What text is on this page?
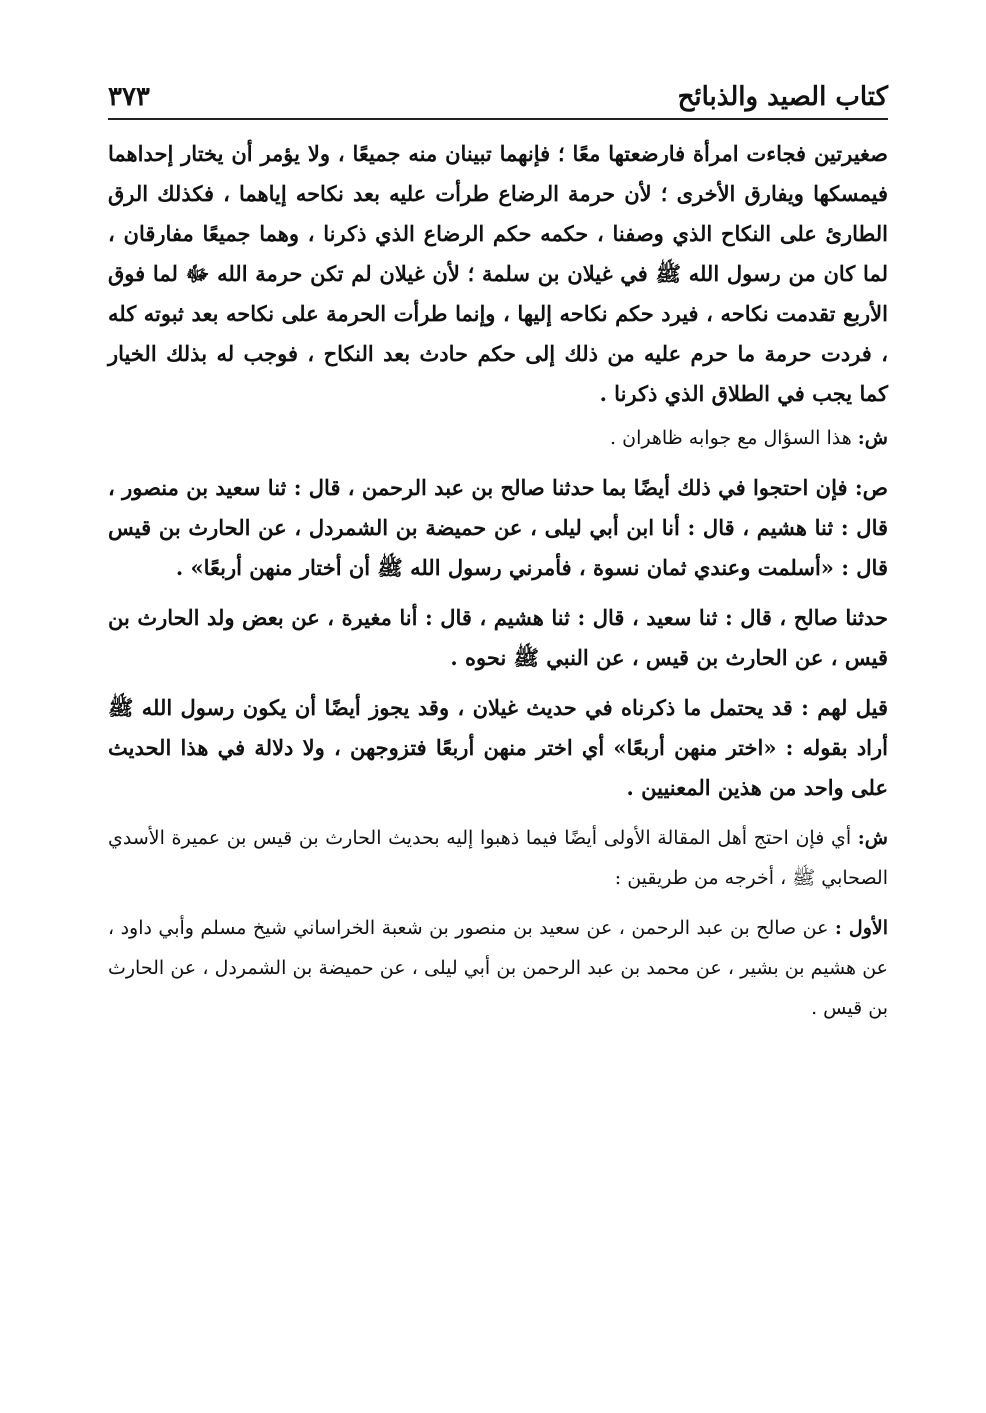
كتاب الصيد والذبائح
٣٧٣

صغيرتين فجاءت امرأة فارضعتها معًا ؛ فإنهما تبينان منه جميعًا ، ولا يؤمر أن يختار إحداهما فيمسكها ويفارق الأخرى ؛ لأن حرمة الرضاع طرأت عليه بعد نكاحه إياهما ، فكذلك الرق الطارئ على النكاح الذي وصفنا ، حكمه حكم الرضاع الذي ذكرنا ، وهما جميعًا مفارقان ، لما كان من رسول الله ﷺ في غيلان بن سلمة ؛ لأن غيلان لم تكن حرمة الله ﷻ لما فوق الأربع تقدمت نكاحه ، فيرد حكم نكاحه إليها ، وإنما طرأت الحرمة على نكاحه بعد ثبوته كله ، فردت حرمة ما حرم عليه من ذلك إلى حكم حادث بعد النكاح ، فوجب له بذلك الخيار كما يجب في الطلاق الذي ذكرنا .

ش: هذا السؤال مع جوابه ظاهران .

ص: فإن احتجوا في ذلك أيضًا بما حدثنا صالح بن عبد الرحمن ، قال : ثنا سعيد بن منصور ، قال : ثنا هشيم ، قال : أنا ابن أبي ليلى ، عن حميضة بن الشمردل ، عن الحارث بن قيس قال : «أسلمت وعندي ثمان نسوة ، فأمرني رسول الله ﷺ أن أختار منهن أربعًا» .

حدثنا صالح ، قال : ثنا سعيد ، قال : ثنا هشيم ، قال : أنا مغيرة ، عن بعض ولد الحارث بن قيس ، عن الحارث بن قيس ، عن النبي ﷺ نحوه .

قيل لهم : قد يحتمل ما ذكرناه في حديث غيلان ، وقد يجوز أيضًا أن يكون رسول الله ﷺ أراد بقوله : «اختر منهن أربعًا» أي اختر منهن أربعًا فتزوجهن ، ولا دلالة في هذا الحديث على واحد من هذين المعنيين .

ش: أي فإن احتج أهل المقالة الأولى أيضًا فيما ذهبوا إليه بحديث الحارث بن قيس بن عميرة الأسدي الصحابي ﷺ ، أخرجه من طريقين :

الأول : عن صالح بن عبد الرحمن ، عن سعيد بن منصور بن شعبة الخراساني شيخ مسلم وأبي داود ، عن هشيم بن بشير ، عن محمد بن عبد الرحمن بن أبي ليلى ، عن حميضة بن الشمردل ، عن الحارث بن قيس .
